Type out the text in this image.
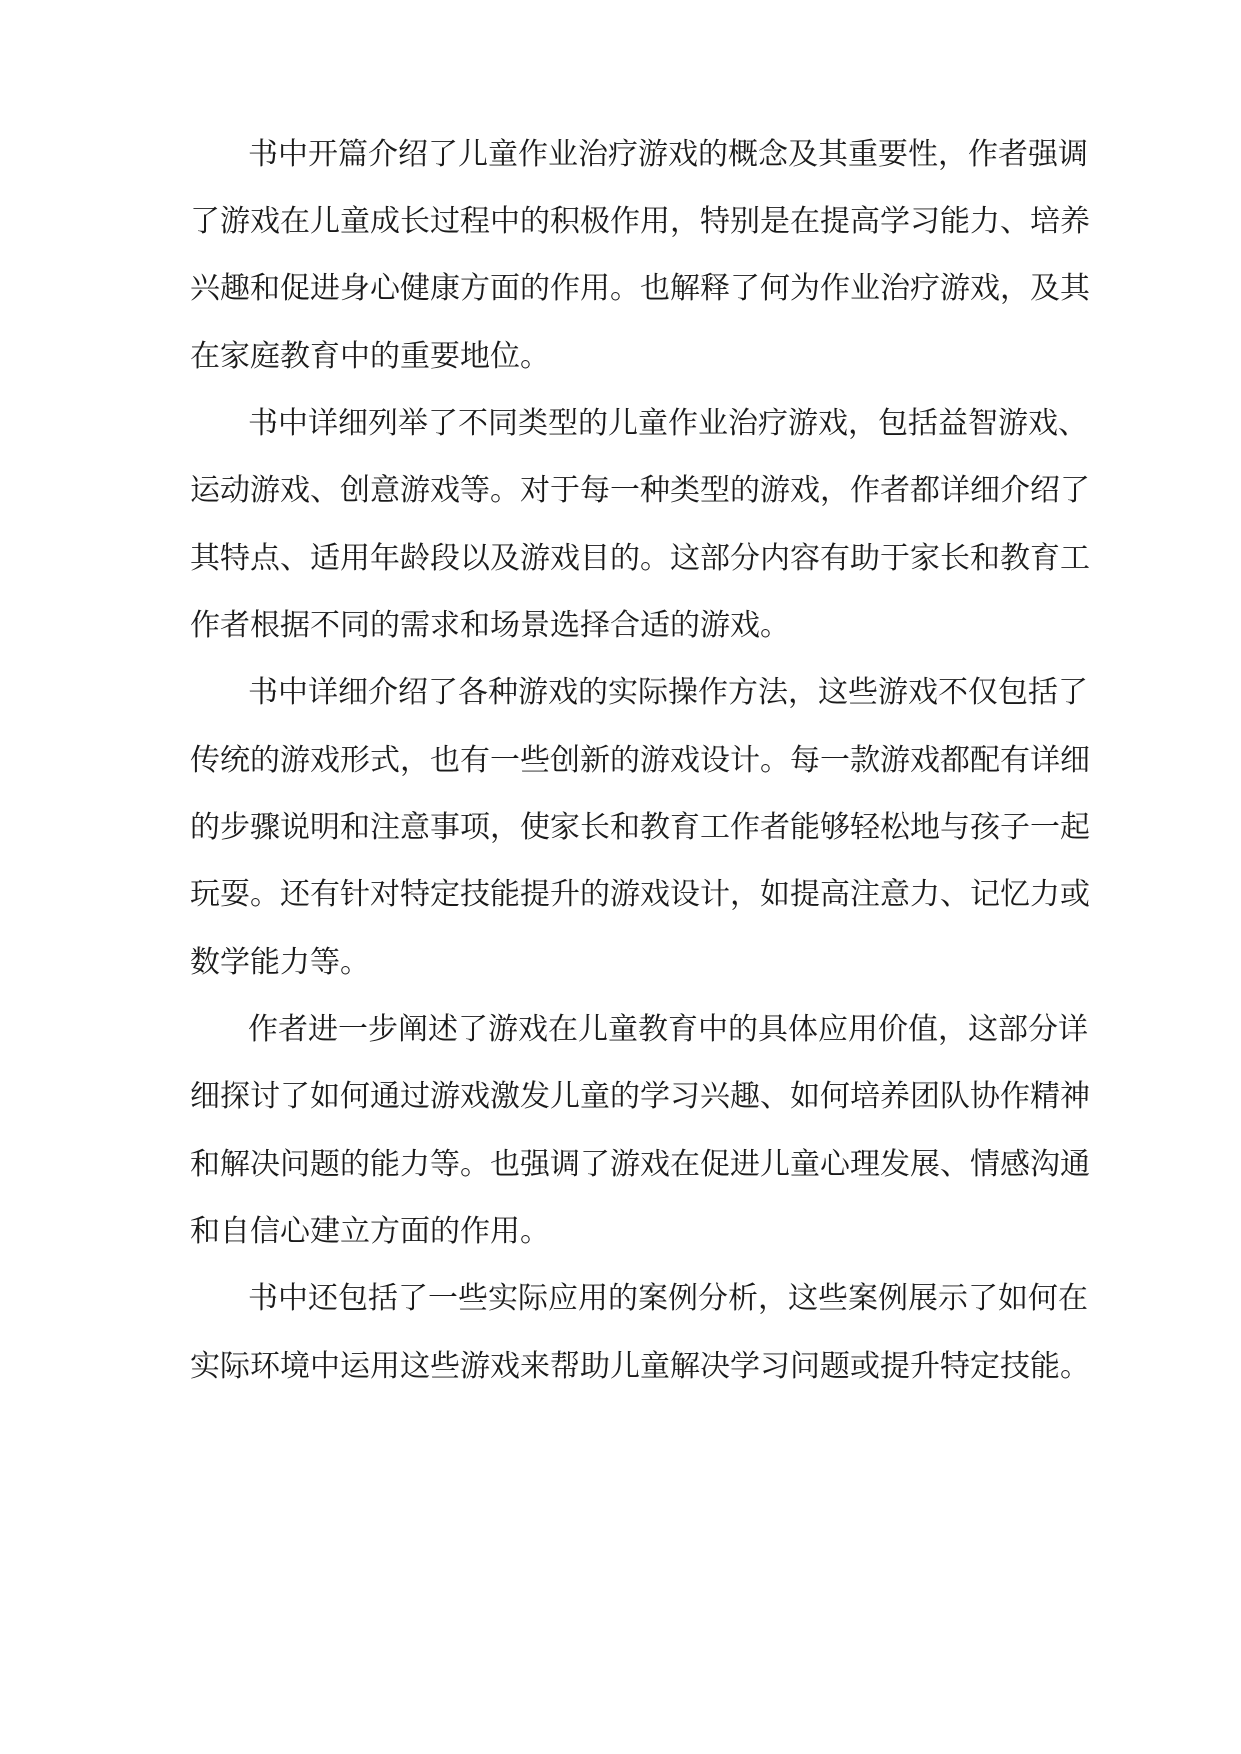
书中开篇介绍了儿童作业治疗游戏的概念及其重要性，作者强调
了游戏在儿童成长过程中的积极作用，特别是在提高学习能力、培养
兴趣和促进身心健康方面的作用。也解释了何为作业治疗游戏，及其
在家庭教育中的重要地位。
书中详细列举了不同类型的儿童作业治疗游戏，包括益智游戏、
运动游戏、创意游戏等。对于每一种类型的游戏，作者都详细介绍了
其特点、适用年龄段以及游戏目的。这部分内容有助于家长和教育工
作者根据不同的需求和场景选择合适的游戏。
书中详细介绍了各种游戏的实际操作方法，这些游戏不仅包括了
传统的游戏形式，也有一些创新的游戏设计。每一款游戏都配有详细
的步骤说明和注意事项，使家长和教育工作者能够轻松地与孩子一起
玩耍。还有针对特定技能提升的游戏设计，如提高注意力、记忆力或
数学能力等。
作者进一步阐述了游戏在儿童教育中的具体应用价值，这部分详
细探讨了如何通过游戏激发儿童的学习兴趣、如何培养团队协作精神
和解决问题的能力等。也强调了游戏在促进儿童心理发展、情感沟通
和自信心建立方面的作用。
书中还包括了一些实际应用的案例分析，这些案例展示了如何在
实际环境中运用这些游戏来帮助儿童解决学习问题或提升特定技能。
